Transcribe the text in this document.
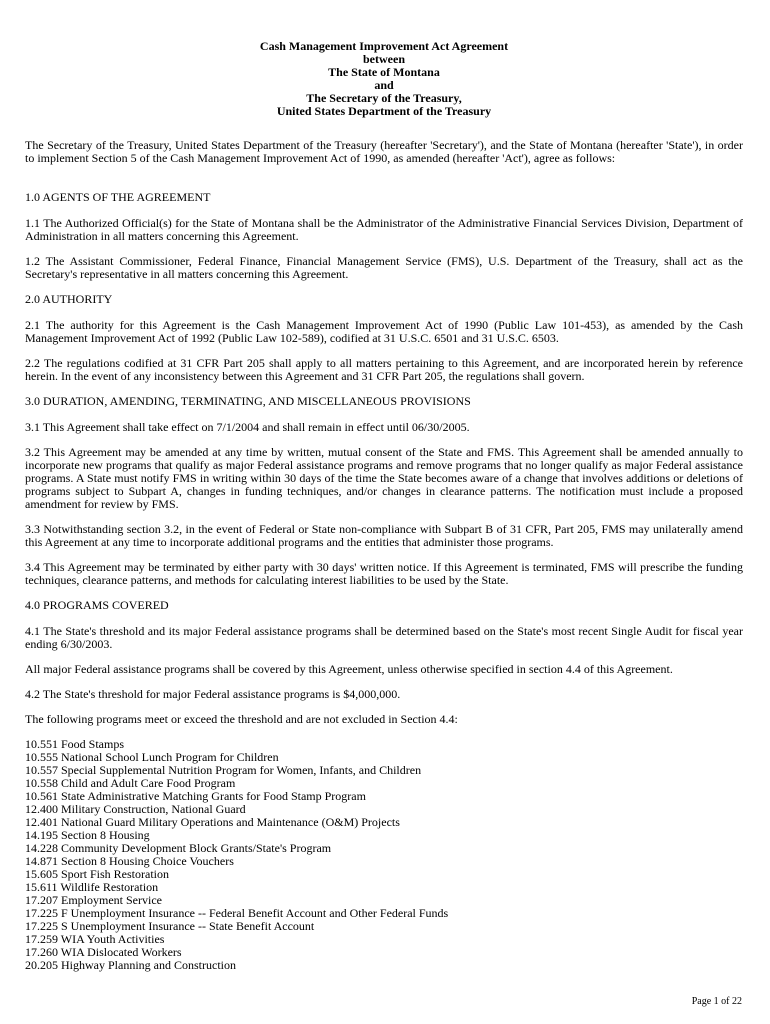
Cash Management Improvement Act Agreement
between
The State of Montana
and
The Secretary of the Treasury,
United States Department of the Treasury

The Secretary of the Treasury, United States Department of the Treasury (hereafter 'Secretary'), and the State of Montana (hereafter 'State'), in order to implement Section 5 of the Cash Management Improvement Act of 1990, as amended (hereafter 'Act'), agree as follows:

1.0 AGENTS OF THE AGREEMENT

1.1 The Authorized Official(s) for the State of Montana shall be the Administrator of the Administrative Financial Services Division, Department of Administration in all matters concerning this Agreement.

1.2 The Assistant Commissioner, Federal Finance, Financial Management Service (FMS), U.S. Department of the Treasury, shall act as the Secretary's representative in all matters concerning this Agreement.

2.0 AUTHORITY

2.1 The authority for this Agreement is the Cash Management Improvement Act of 1990 (Public Law 101-453), as amended by the Cash Management Improvement Act of 1992 (Public Law 102-589), codified at 31 U.S.C. 6501 and 31 U.S.C. 6503.

2.2 The regulations codified at 31 CFR Part 205 shall apply to all matters pertaining to this Agreement, and are incorporated herein by reference herein. In the event of any inconsistency between this Agreement and 31 CFR Part 205, the regulations shall govern.

3.0 DURATION, AMENDING, TERMINATING, AND MISCELLANEOUS PROVISIONS

3.1 This Agreement shall take effect on 7/1/2004 and shall remain in effect until 06/30/2005.

3.2 This Agreement may be amended at any time by written, mutual consent of the State and FMS. This Agreement shall be amended annually to incorporate new programs that qualify as major Federal assistance programs and remove programs that no longer qualify as major Federal assistance programs. A State must notify FMS in writing within 30 days of the time the State becomes aware of a change that involves additions or deletions of programs subject to Subpart A, changes in funding techniques, and/or changes in clearance patterns. The notification must include a proposed amendment for review by FMS.

3.3 Notwithstanding section 3.2, in the event of Federal or State non-compliance with Subpart B of 31 CFR, Part 205, FMS may unilaterally amend this Agreement at any time to incorporate additional programs and the entities that administer those programs.

3.4 This Agreement may be terminated by either party with 30 days' written notice. If this Agreement is terminated, FMS will prescribe the funding techniques, clearance patterns, and methods for calculating interest liabilities to be used by the State.

4.0 PROGRAMS COVERED

4.1 The State's threshold and its major Federal assistance programs shall be determined based on the State's most recent Single Audit for fiscal year ending 6/30/2003.

All major Federal assistance programs shall be covered by this Agreement, unless otherwise specified in section 4.4 of this Agreement.

4.2 The State's threshold for major Federal assistance programs is $4,000,000.

The following programs meet or exceed the threshold and are not excluded in Section 4.4:

10.551 Food Stamps
10.555 National School Lunch Program for Children
10.557 Special Supplemental Nutrition Program for Women, Infants, and Children
10.558 Child and Adult Care Food Program
10.561 State Administrative Matching Grants for Food Stamp Program
12.400 Military Construction, National Guard
12.401 National Guard Military Operations and Maintenance (O&M) Projects
14.195 Section 8 Housing
14.228 Community Development Block Grants/State's Program
14.871 Section 8 Housing Choice Vouchers
15.605 Sport Fish Restoration
15.611 Wildlife Restoration
17.207 Employment Service
17.225 F Unemployment Insurance -- Federal Benefit Account and Other Federal Funds
17.225 S Unemployment Insurance -- State Benefit Account
17.259 WIA Youth Activities
17.260 WIA Dislocated Workers
20.205 Highway Planning and Construction
Page 1 of 22
